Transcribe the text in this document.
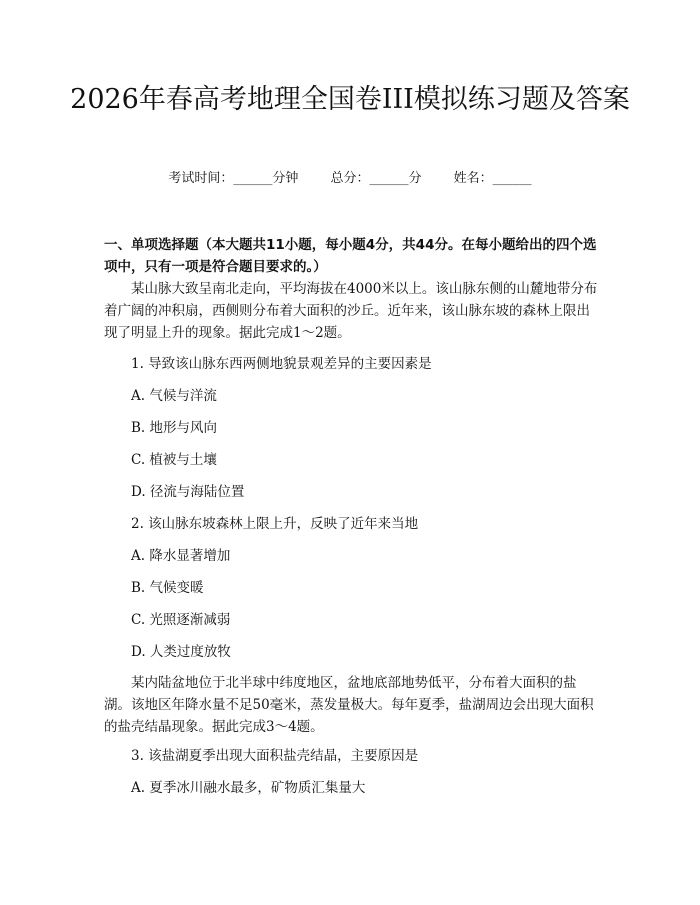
2026年春高考地理全国卷III模拟练习题及答案
考试时间：______分钟 总分：______分 姓名：______
一、单项选择题（本大题共11小题，每小题4分，共44分。在每小题给出的四个选项中，只有一项是符合题目要求的。）

某山脉大致呈南北走向，平均海拔在4000米以上。该山脉东侧的山麓地带分布着广阔的冲积扇，西侧则分布着大面积的沙丘。近年来，该山脉东坡的森林上限出现了明显上升的现象。据此完成1～2题。

1. 导致该山脉东西两侧地貌景观差异的主要因素是

A. 气候与洋流

B. 地形与风向

C. 植被与土壤

D. 径流与海陆位置

2. 该山脉东坡森林上限上升，反映了近年来当地

A. 降水显著增加

B. 气候变暖

C. 光照逐渐减弱

D. 人类过度放牧

某内陆盆地位于北半球中纬度地区，盆地底部地势低平，分布着大面积的盐湖。该地区年降水量不足50毫米，蒸发量极大。每年夏季，盐湖周边会出现大面积的盐壳结晶现象。据此完成3～4题。

3. 该盐湖夏季出现大面积盐壳结晶，主要原因是

A. 夏季冰川融水最多，矿物质汇集量大
